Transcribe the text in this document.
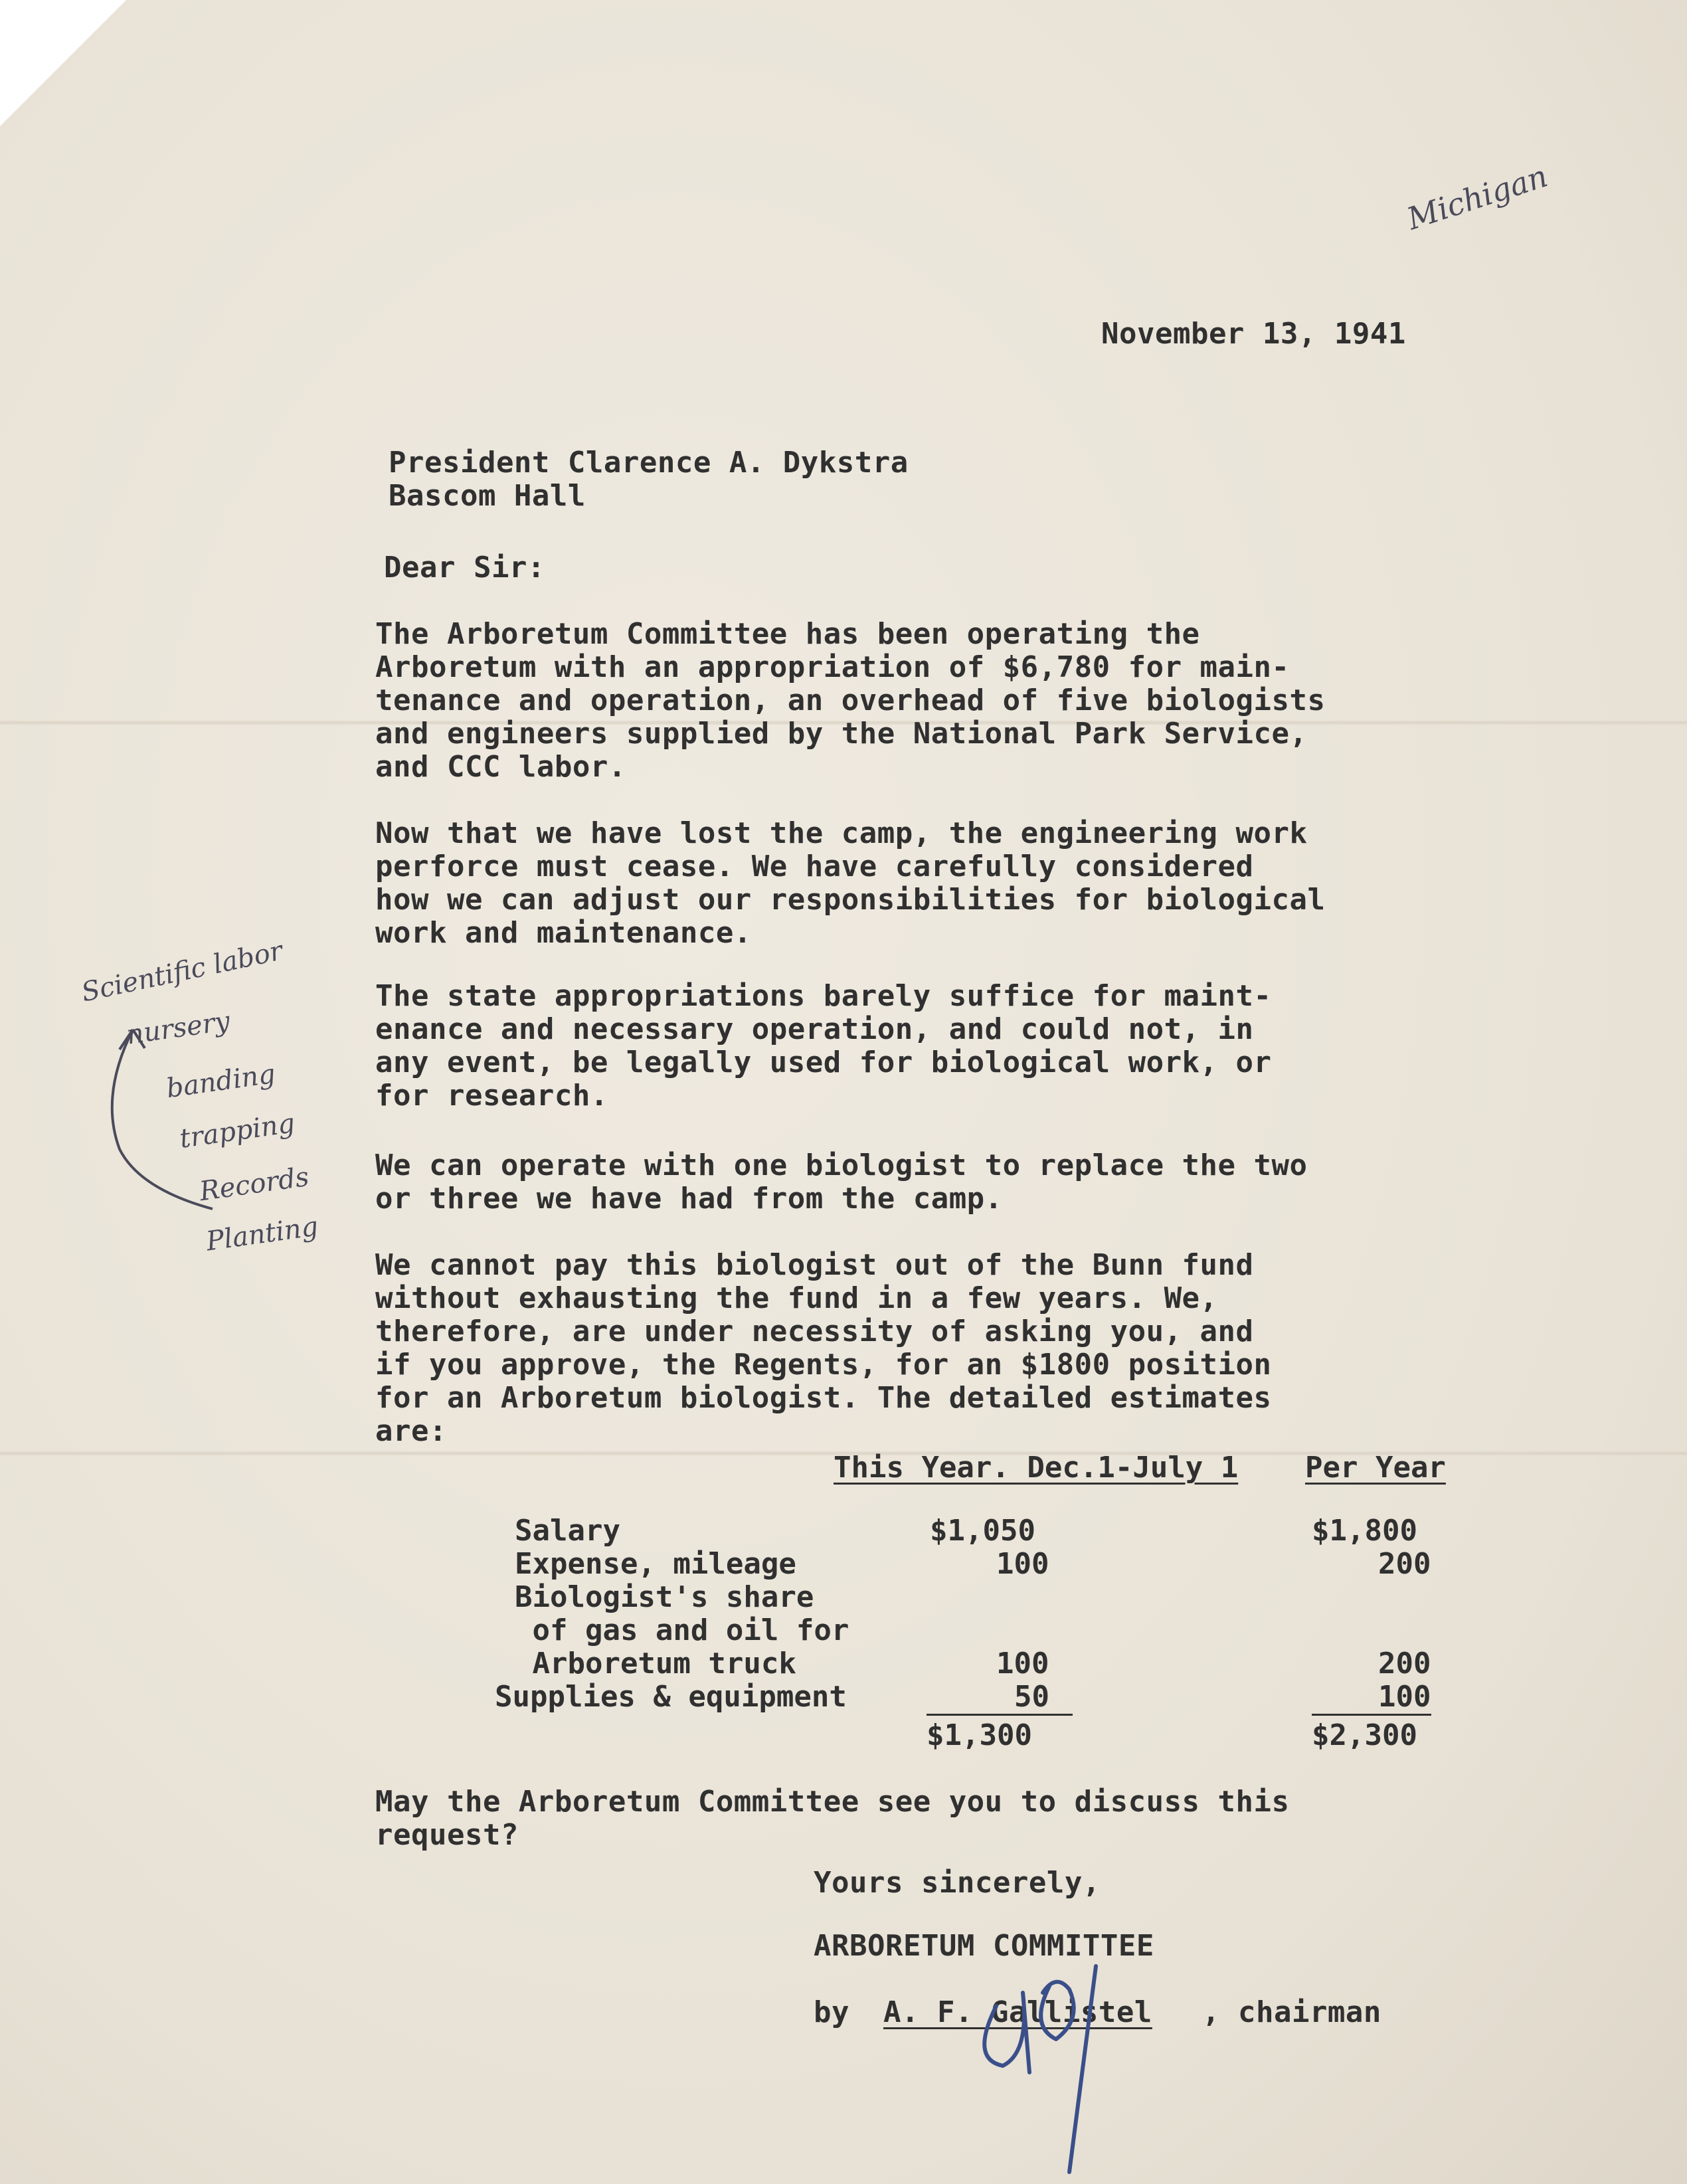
Michigan
November 13, 1941
President Clarence A. Dykstra
Bascom Hall
Dear Sir:
The Arboretum Committee has been operating the
Arboretum with an appropriation of $6,780 for main-
tenance and operation, an overhead of five biologists
and engineers supplied by the National Park Service,
and CCC labor.
Now that we have lost the camp, the engineering work
perforce must cease. We have carefully considered
how we can adjust our responsibilities for biological
work and maintenance.
The state appropriations barely suffice for maint-
enance and necessary operation, and could not, in
any event, be legally used for biological work, or
for research.
We can operate with one biologist to replace the two
or three we have had from the camp.
We cannot pay this biologist out of the Bunn fund
without exhausting the fund in a few years. We,
therefore, are under necessity of asking you, and
if you approve, the Regents, for an $1800 position
for an Arboretum biologist. The detailed estimates
are:
Scientific labor
nursery
banding
trapping
Records
Planting
This Year. Dec.1-July 1 Per Year
Salary	$1,050	$1,800
Expense, mileage	100	200
Biologist's share
of gas and oil for
Arboretum truck	100	200
Supplies & equipment	50	100
$1,300	$2,300
May the Arboretum Committee see you to discuss this
request?
Yours sincerely,
ARBORETUM COMMITTEE
by A. F. Gallistel , chairman
